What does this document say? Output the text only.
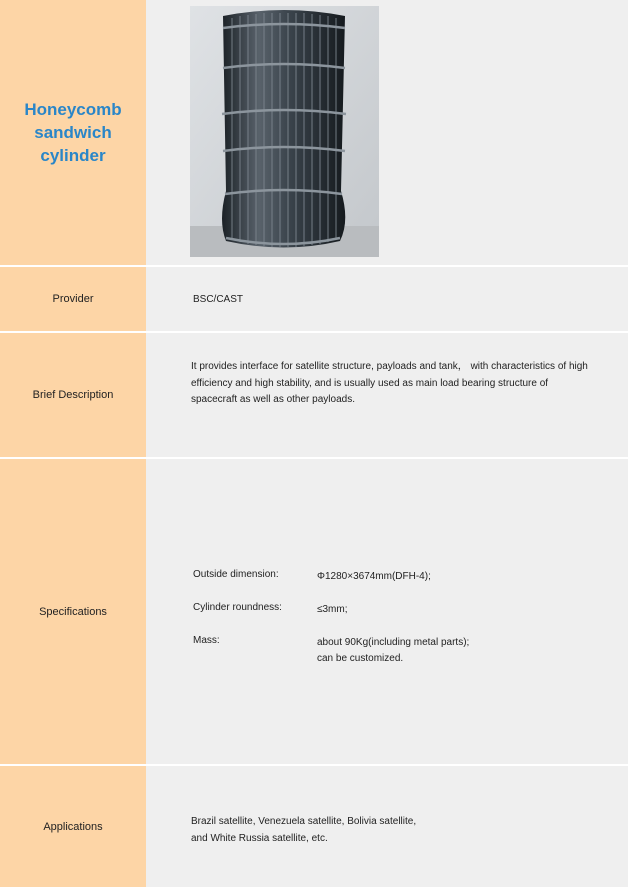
Honeycomb sandwich cylinder
Provider	BSC/CAST
Brief Description
It provides interface for satellite structure, payloads and tank， with characteristics of high efficiency and high stability, and is usually used as main load bearing structure of spacecraft as well as other payloads.
Specifications
Outside dimension:	Φ1280×3674mm(DFH-4);
Cylinder roundness:	≤3mm;
Mass:	about 90Kg(including metal parts);
can be customized.
Applications	Brazil satellite, Venezuela satellite, Bolivia satellite,
and White Russia satellite, etc.
